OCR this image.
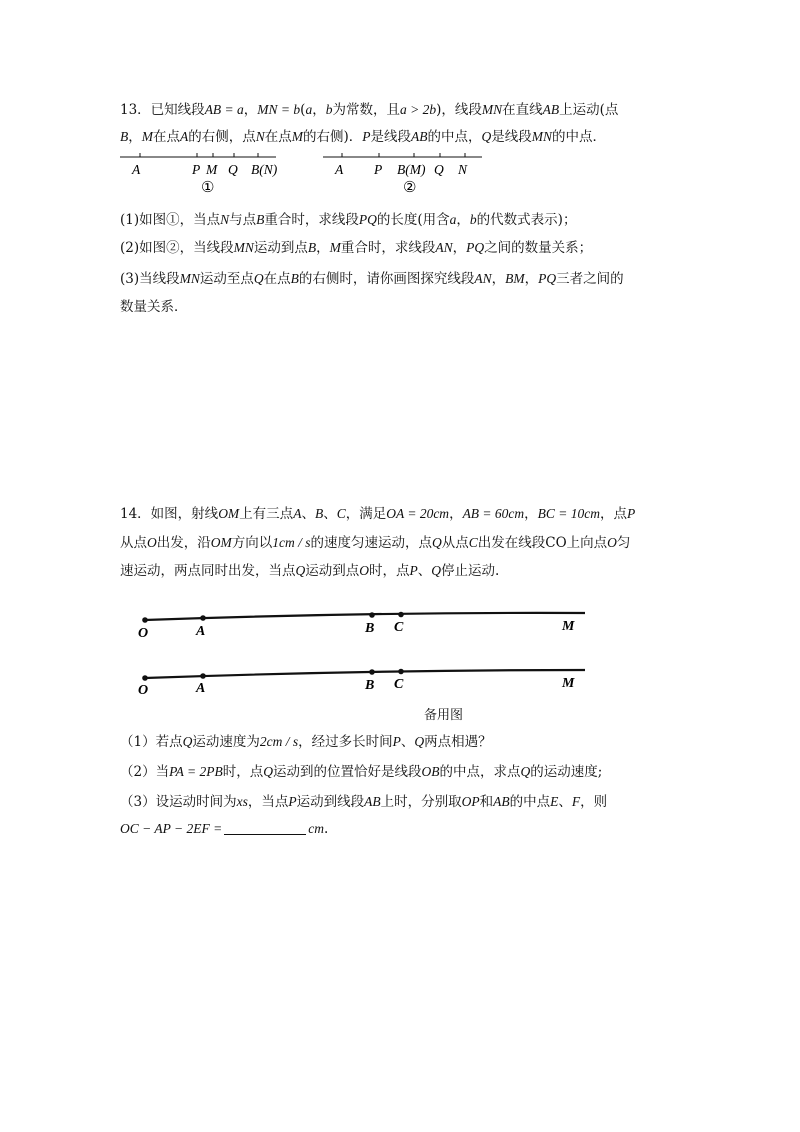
13．已知线段AB = a，MN = b(a，b为常数，且a > 2b)，线段MN在直线AB上运动(点
B，M在点A的右侧，点N在点M的右侧)．P是线段AB的中点，Q是线段MN的中点．
A	P M Q B(N)
①
A P B(M) Q N
②
O	A	B C	M
O	A	B C	M
(1)如图①，当点N与点B重合时，求线段PQ的长度(用含a，b的代数式表示)；
(2)如图②，当线段MN运动到点B，M重合时，求线段AN，PQ之间的数量关系；
(3)当线段MN运动至点Q在点B的右侧时，请你画图探究线段AN，BM，PQ三者之间的
数量关系．
14．如图，射线OM上有三点A、B、C，满足OA = 20cm，AB = 60cm，BC = 10cm，点P
从点O出发，沿OM方向以1cm / s的速度匀速运动，点Q从点C出发在线段CO上向点O匀
速运动，两点同时出发，当点Q运动到点O时，点P、Q停止运动.
备用图
（1）若点Q运动速度为2cm / s，经过多长时间P、Q两点相遇？
（2）当PA = 2PB时，点Q运动到的位置恰好是线段OB的中点，求点Q的运动速度;
（3）设运动时间为xs，当点P运动到线段AB上时，分别取OP和AB的中点E、F，则
OC − AP − 2EF =	cm.
